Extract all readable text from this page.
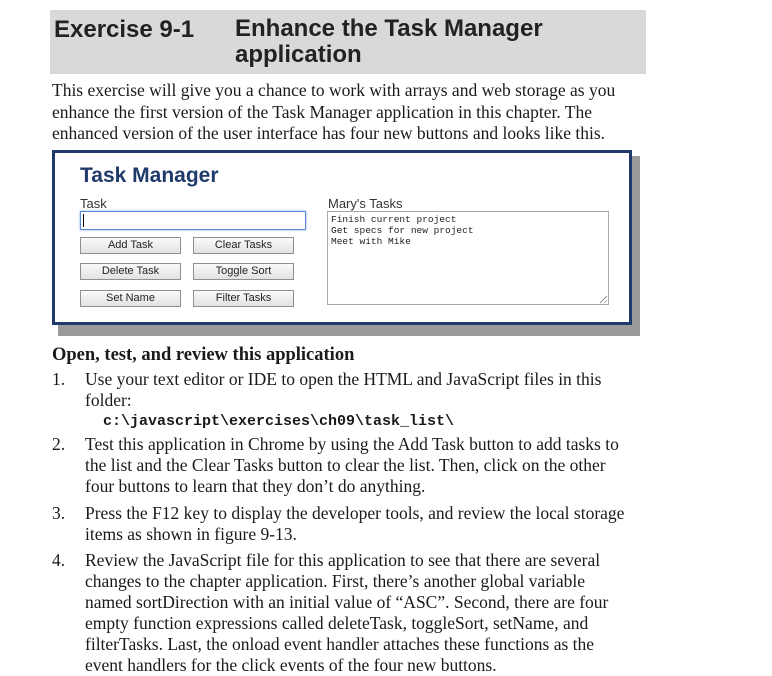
Exercise 9-1 Enhance the Task Manager application

This exercise will give you a chance to work with arrays and web storage as you enhance the first version of the Task Manager application in this chapter. The enhanced version of the user interface has four new buttons and looks like this.

Task Manager
Task
Add Task	Clear Tasks
Delete Task	Toggle Sort
Set Name	Filter Tasks
Mary's Tasks
Finish current project
Get specs for new project
Meet with Mike
Open, test, and review this application
1. Use your text editor or IDE to open the HTML and JavaScript files in this folder:
c:\javascript\exercises\ch09\task_list\
2. Test this application in Chrome by using the Add Task button to add tasks to the list and the Clear Tasks button to clear the list. Then, click on the other four buttons to learn that they don’t do anything.
3. Press the F12 key to display the developer tools, and review the local storage items as shown in figure 9-13.
4. Review the JavaScript file for this application to see that there are several changes to the chapter application. First, there’s another global variable named sortDirection with an initial value of “ASC”. Second, there are four empty function expressions called deleteTask, toggleSort, setName, and filterTasks. Last, the onload event handler attaches these functions as the event handlers for the click events of the four new buttons.
